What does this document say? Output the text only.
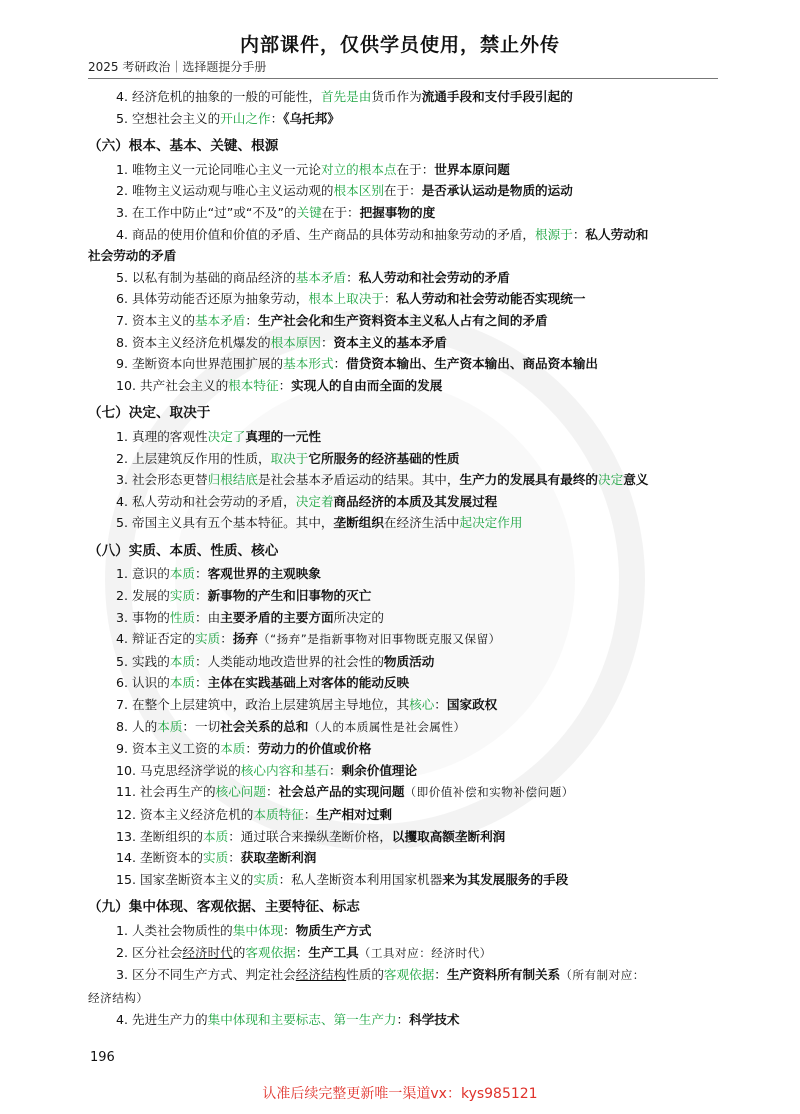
内部课件，仅供学员使用，禁止外传
2025 考研政治｜选择题提分手册
4. 经济危机的抽象的一般的可能性，首先是由货币作为流通手段和支付手段引起的
5. 空想社会主义的开山之作：《乌托邦》
（六）根本、基本、关键、根源
1. 唯物主义一元论同唯心主义一元论对立的根本点在于：世界本原问题
2. 唯物主义运动观与唯心主义运动观的根本区别在于：是否承认运动是物质的运动
3. 在工作中防止“过”或“不及”的关键在于：把握事物的度
4. 商品的使用价值和价值的矛盾、生产商品的具体劳动和抽象劳动的矛盾，根源于：私人劳动和
社会劳动的矛盾
5. 以私有制为基础的商品经济的基本矛盾：私人劳动和社会劳动的矛盾
6. 具体劳动能否还原为抽象劳动，根本上取决于：私人劳动和社会劳动能否实现统一
7. 资本主义的基本矛盾：生产社会化和生产资料资本主义私人占有之间的矛盾
8. 资本主义经济危机爆发的根本原因：资本主义的基本矛盾
9. 垄断资本向世界范围扩展的基本形式：借贷资本输出、生产资本输出、商品资本输出
10. 共产社会主义的根本特征：实现人的自由而全面的发展
（七）决定、取决于
1. 真理的客观性决定了真理的一元性
2. 上层建筑反作用的性质，取决于它所服务的经济基础的性质
3. 社会形态更替归根结底是社会基本矛盾运动的结果。其中，生产力的发展具有最终的决定意义
4. 私人劳动和社会劳动的矛盾，决定着商品经济的本质及其发展过程
5. 帝国主义具有五个基本特征。其中，垄断组织在经济生活中起决定作用
（八）实质、本质、性质、核心
1. 意识的本质：客观世界的主观映象
2. 发展的实质：新事物的产生和旧事物的灭亡
3. 事物的性质：由主要矛盾的主要方面所决定的
4. 辩证否定的实质：扬弃（“扬弃”是指新事物对旧事物既克服又保留）
5. 实践的本质：人类能动地改造世界的社会性的物质活动
6. 认识的本质：主体在实践基础上对客体的能动反映
7. 在整个上层建筑中，政治上层建筑居主导地位，其核心：国家政权
8. 人的本质：一切社会关系的总和（人的本质属性是社会属性）
9. 资本主义工资的本质：劳动力的价值或价格
10. 马克思经济学说的核心内容和基石：剩余价值理论
11. 社会再生产的核心问题：社会总产品的实现问题（即价值补偿和实物补偿问题）
12. 资本主义经济危机的本质特征：生产相对过剩
13. 垄断组织的本质：通过联合来操纵垄断价格，以攫取高额垄断利润
14. 垄断资本的实质：获取垄断利润
15. 国家垄断资本主义的实质：私人垄断资本利用国家机器来为其发展服务的手段
（九）集中体现、客观依据、主要特征、标志
1. 人类社会物质性的集中体现：物质生产方式
2. 区分社会经济时代的客观依据：生产工具（工具对应：经济时代）
3. 区分不同生产方式、判定社会经济结构性质的客观依据：生产资料所有制关系（所有制对应：
经济结构）
4. 先进生产力的集中体现和主要标志、第一生产力：科学技术
196
认准后续完整更新唯一渠道vx：kys985121
